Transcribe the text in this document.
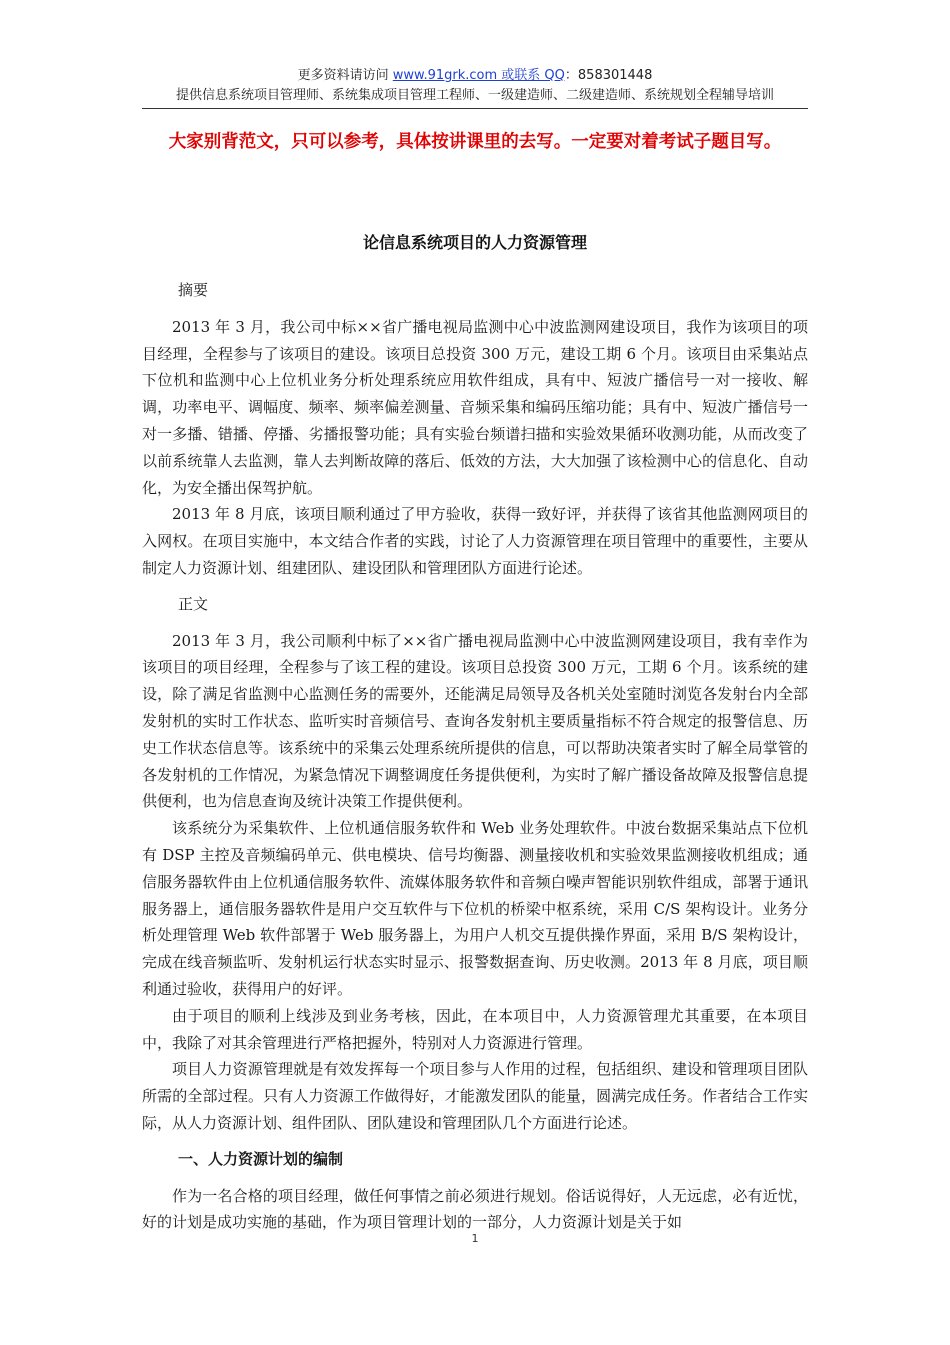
更多资料请访问 www.91grk.com 或联系 QQ：858301448
提供信息系统项目管理师、系统集成项目管理工程师、一级建造师、二级建造师、系统规划全程辅导培训
大家别背范文，只可以参考，具体按讲课里的去写。一定要对着考试子题目写。
论信息系统项目的人力资源管理
摘要

2013 年 3 月，我公司中标××省广播电视局监测中心中波监测网建设项目，我作为该项目的项目经理，全程参与了该项目的建设。该项目总投资 300 万元，建设工期 6 个月。该项目由采集站点下位机和监测中心上位机业务分析处理系统应用软件组成，具有中、短波广播信号一对一接收、解调，功率电平、调幅度、频率、频率偏差测量、音频采集和编码压缩功能；具有中、短波广播信号一对一多播、错播、停播、劣播报警功能；具有实验台频谱扫描和实验效果循环收测功能，从而改变了以前系统靠人去监测，靠人去判断故障的落后、低效的方法，大大加强了该检测中心的信息化、自动化，为安全播出保驾护航。

2013 年 8 月底，该项目顺利通过了甲方验收，获得一致好评，并获得了该省其他监测网项目的入网权。在项目实施中，本文结合作者的实践，讨论了人力资源管理在项目管理中的重要性，主要从制定人力资源计划、组建团队、建设团队和管理团队方面进行论述。

正文

2013 年 3 月，我公司顺利中标了××省广播电视局监测中心中波监测网建设项目，我有幸作为该项目的项目经理，全程参与了该工程的建设。该项目总投资 300 万元，工期 6 个月。该系统的建设，除了满足省监测中心监测任务的需要外，还能满足局领导及各机关处室随时浏览各发射台内全部发射机的实时工作状态、监听实时音频信号、查询各发射机主要质量指标不符合规定的报警信息、历史工作状态信息等。该系统中的采集云处理系统所提供的信息，可以帮助决策者实时了解全局掌管的各发射机的工作情况，为紧急情况下调整调度任务提供便利，为实时了解广播设备故障及报警信息提供便利，也为信息查询及统计决策工作提供便利。

该系统分为采集软件、上位机通信服务软件和 Web 业务处理软件。中波台数据采集站点下位机有 DSP 主控及音频编码单元、供电模块、信号均衡器、测量接收机和实验效果监测接收机组成；通信服务器软件由上位机通信服务软件、流媒体服务软件和音频白噪声智能识别软件组成，部署于通讯服务器上，通信服务器软件是用户交互软件与下位机的桥梁中枢系统，采用 C/S 架构设计。业务分析处理管理 Web 软件部署于 Web 服务器上，为用户人机交互提供操作界面，采用 B/S 架构设计，完成在线音频监听、发射机运行状态实时显示、报警数据查询、历史收测。2013 年 8 月底，项目顺利通过验收，获得用户的好评。

由于项目的顺利上线涉及到业务考核，因此，在本项目中，人力资源管理尤其重要，在本项目中，我除了对其余管理进行严格把握外，特别对人力资源进行管理。

项目人力资源管理就是有效发挥每一个项目参与人作用的过程，包括组织、建设和管理项目团队所需的全部过程。只有人力资源工作做得好，才能激发团队的能量，圆满完成任务。作者结合工作实际，从人力资源计划、组件团队、团队建设和管理团队几个方面进行论述。

一、人力资源计划的编制

作为一名合格的项目经理，做任何事情之前必须进行规划。俗话说得好，人无远虑，必有近忧，好的计划是成功实施的基础，作为项目管理计划的一部分，人力资源计划是关于如

1
